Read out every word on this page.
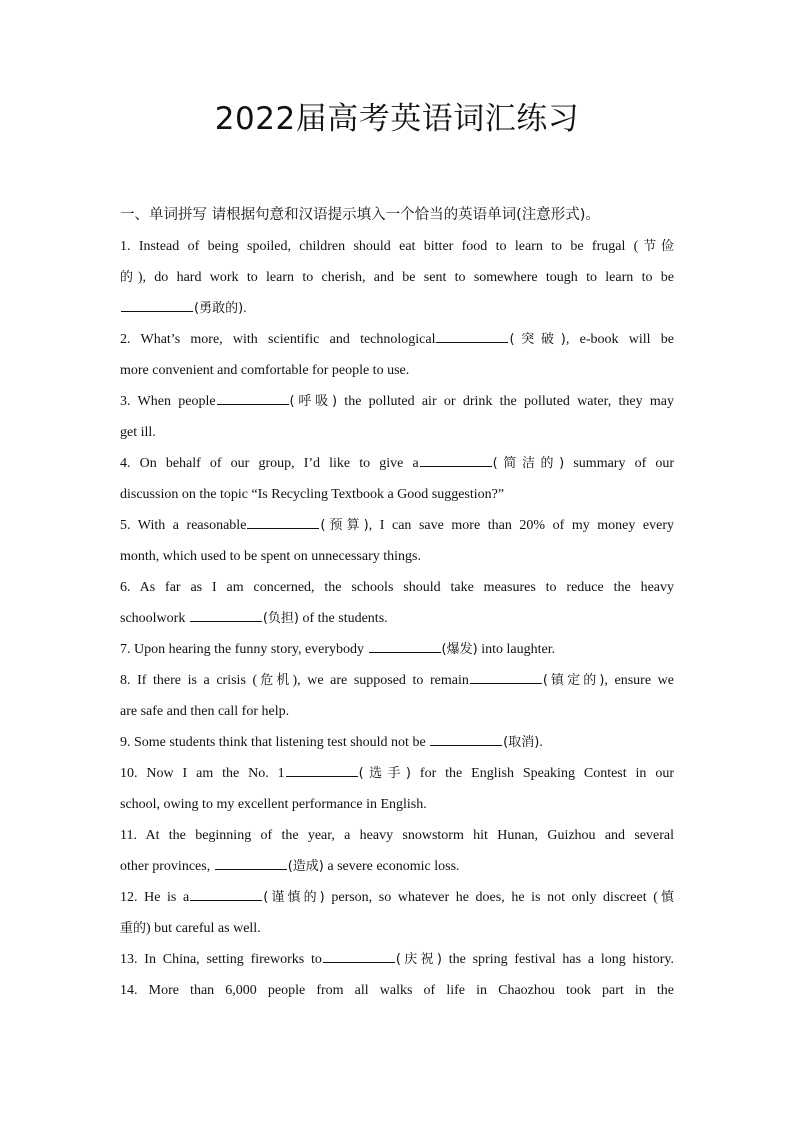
2022届高考英语词汇练习
一、单词拼写 请根据句意和汉语提示填入一个恰当的英语单词(注意形式)。
1. Instead of being spoiled, children should eat bitter food to learn to be frugal (节俭
的), do hard work to learn to cherish, and be sent to somewhere tough to learn to be
(勇敢的).
2. What’s more, with scientific and technological	(突破), e-book will be
more convenient and comfortable for people to use.
3. When people	(呼吸) the polluted air or drink the polluted water, they may
get ill.
4. On behalf of our group, I’d like to give a	(简洁的) summary of our
discussion on the topic “Is Recycling Textbook a Good suggestion?”
5. With a reasonable	(预算), I can save more than 20% of my money every
month, which used to be spent on unnecessary things.
6. As far as I am concerned, the schools should take measures to reduce the heavy
schoolwork	(负担) of the students.
7. Upon hearing the funny story, everybody	(爆发) into laughter.
8. If there is a crisis (危机), we are supposed to remain	(镇定的), ensure we
are safe and then call for help.
9. Some students think that listening test should not be	(取消).
10. Now I am the No. 1	(选手) for the English Speaking Contest in our
school, owing to my excellent performance in English.
11. At the beginning of the year, a heavy snowstorm hit Hunan, Guizhou and several
other provinces,	(造成) a severe economic loss.
12. He is a	(谨慎的) person, so whatever he does, he is not only discreet (慎
重的) but careful as well.
13. In China, setting fireworks to	(庆祝) the spring festival has a long history.
14. More than 6,000 people from all walks of life in Chaozhou took part in the
